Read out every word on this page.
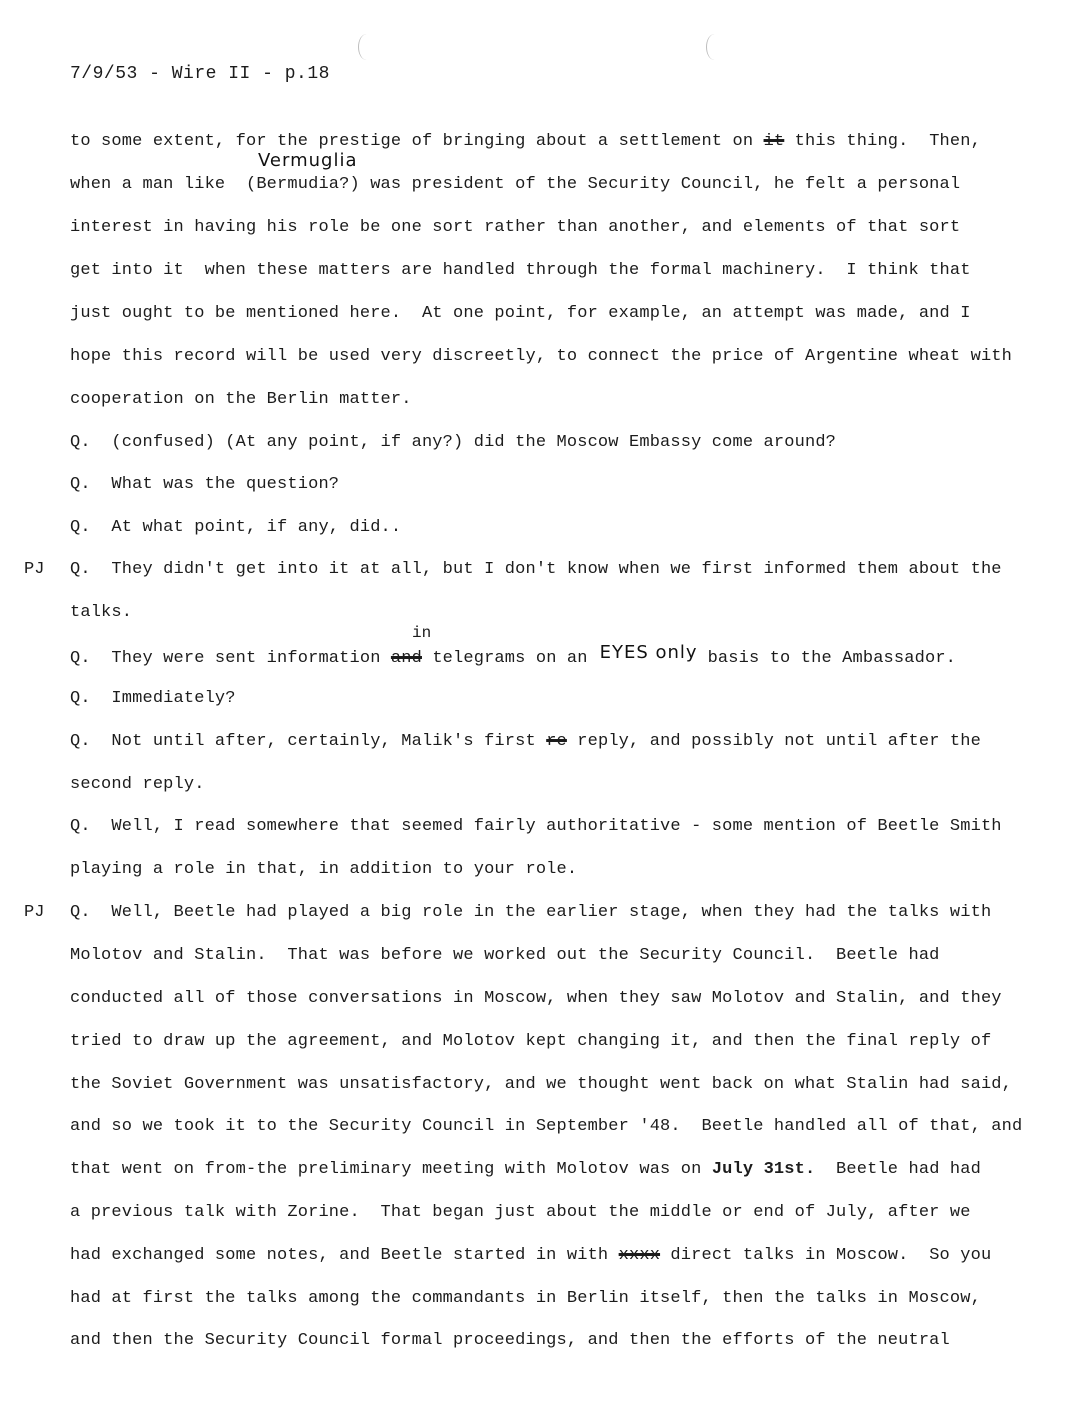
7/9/53 - Wire II - p.18
Vermuglia
to some extent, for the prestige of bringing about a settlement on it this thing.  Then,
when a man like  (Bermudia?) was president of the Security Council, he felt a personal
interest in having his role be one sort rather than another, and elements of that sort
get into it  when these matters are handled through the formal machinery.  I think that
just ought to be mentioned here.  At one point, for example, an attempt was made, and I
hope this record will be used very discreetly, to connect the price of Argentine wheat with
cooperation on the Berlin matter.
Q.  (confused) (At any point, if any?) did the Moscow Embassy come around?
Q.  What was the question?
Q.  At what point, if any, did..
PJ Q.  They didn't get into it at all, but I don't know when we first informed them about the
talks.
in
Q.  They were sent information and telegrams on an EYES only basis to the Ambassador.
Q.  Immediately?
Q.  Not until after, certainly, Malik's first re reply, and possibly not until after the
second reply.
Q.  Well, I read somewhere that seemed fairly authoritative - some mention of Beetle Smith
playing a role in that, in addition to your role.
PJ Q.  Well, Beetle had played a big role in the earlier stage, when they had the talks with
Molotov and Stalin.  That was before we worked out the Security Council.  Beetle had
conducted all of those conversations in Moscow, when they saw Molotov and Stalin, and they
tried to draw up the agreement, and Molotov kept changing it, and then the final reply of
the Soviet Government was unsatisfactory, and we thought went back on what Stalin had said,
and so we took it to the Security Council in September '48.  Beetle handled all of that, and
that went on from-the preliminary meeting with Molotov was on July 31st.  Beetle had had
a previous talk with Zorine.  That began just about the middle or end of July, after we
had exchanged some notes, and Beetle started in with xxxx direct talks in Moscow.  So you
had at first the talks among the commandants in Berlin itself, then the talks in Moscow,
and then the Security Council formal proceedings, and then the efforts of the neutral
